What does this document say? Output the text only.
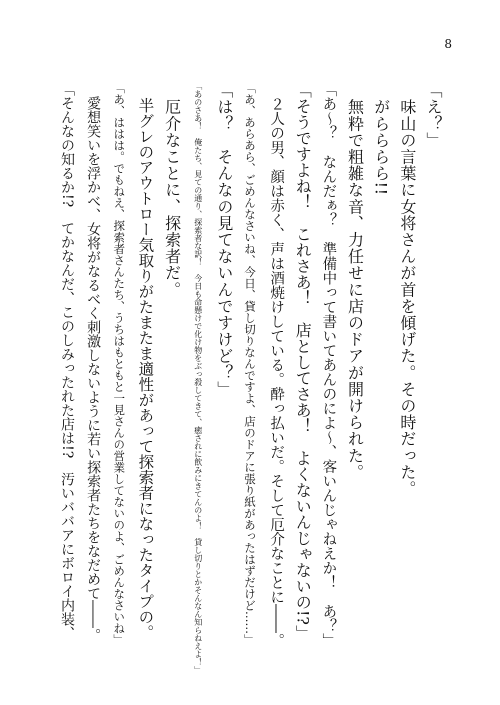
8
「え？」
　味山の言葉に女将さんが首を傾げた。その時だった。
　がらららら!!
　無粋で粗雑な音、力任せに店のドアが開けられた。
「あ〜？　なんだぁ？　準備中って書いてあんのによ〜、客いんじゃねえか！　あ？」
「そうですよね！　これさあ！　店としてさあ！　よくないんじゃないの!?」
　２人の男、顔は赤く、声は酒焼けしている。酔っ払いだ。そして厄介なことに――。
「あ、あらあら、ごめんなさいね、今日、貸し切りなんですよ、店のドアに張り紙があったはずだけど……」
「は？　そんなの見てないんですけど？」
「あのさあ！　俺たち、見ての通り、探索者な訳！　今日も命懸けで化け物をぶっ殺してきて、癒されに飲みにきてんのよ！　貸し切りとかそんなん知らねえよ！」
　厄介なことに、探索者だ。
　半グレのアウトロー気取りがたまたま適性があって探索者になったタイプの。
「あ、ははは。でもねえ、探索者さんたち、うちはもともと一見さんの営業してないのよ、ごめんなさいね」
　愛想笑いを浮かべ、女将がなるべく刺激しないように若い探索者たちをなだめて――。
「そんなの知るか!?　てかなんだ、このしみったれた店は!?　汚いババアにボロイ内装、
